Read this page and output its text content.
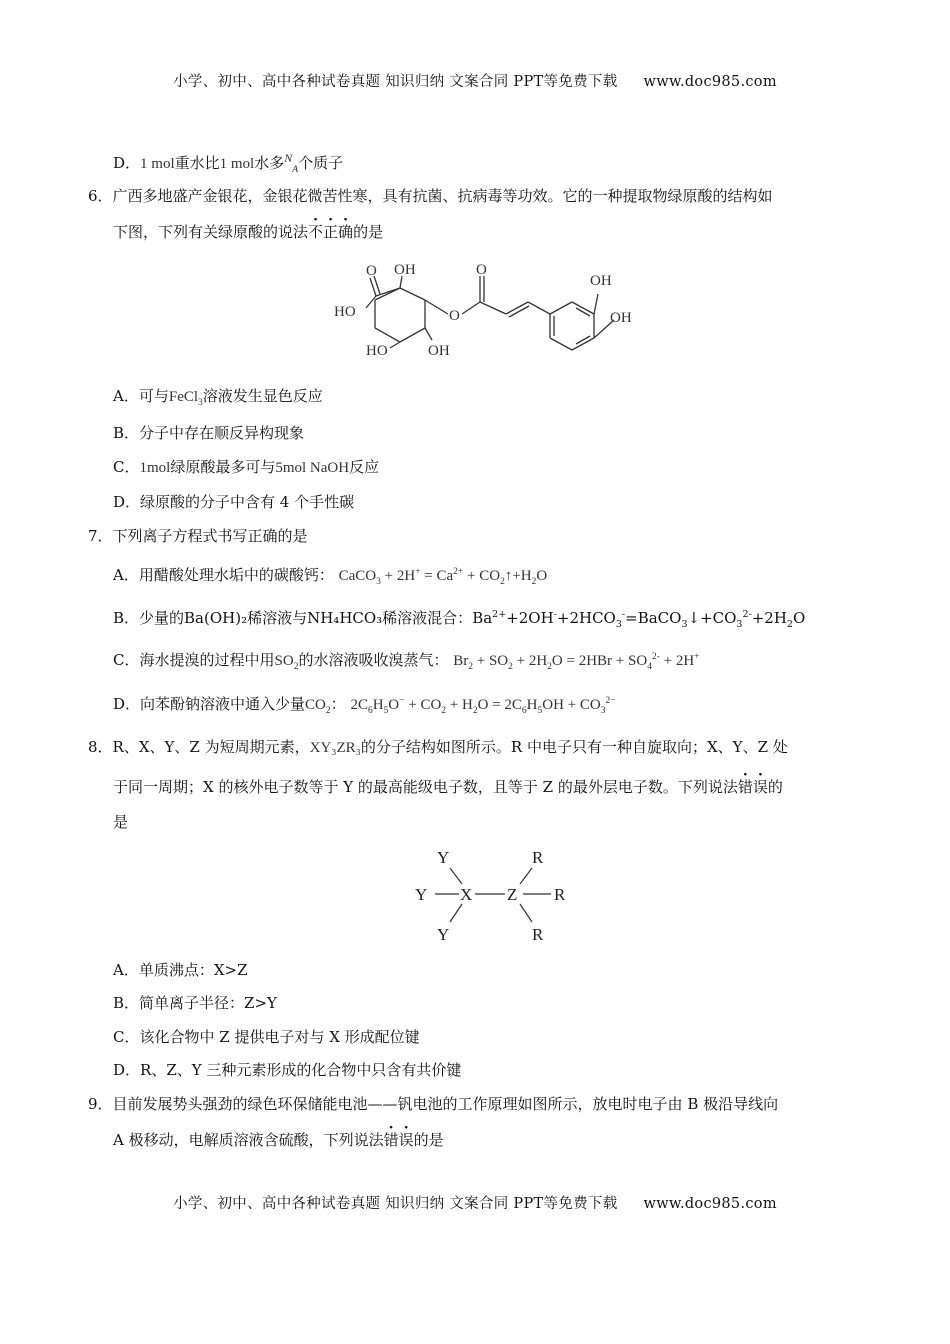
小学、初中、高中各种试卷真题 知识归纳 文案合同 PPT等免费下载 www.doc985.com
D．1 mol重水比1 mol水多$^N_A$个质子
6．广西多地盛产金银花，金银花微苦性寒，具有抗菌、抗病毒等功效。它的一种提取物绿原酸的结构如
下图，下列有关绿原酸的说法不正确的是
O OH
HO	O
O
OH
OH
HO	OH
A．可与FeCl$_3$溶液发生显色反应
B．分子中存在顺反异构现象
C．1mol绿原酸最多可与5mol NaOH反应
D．绿原酸的分子中含有 4 个手性碳
7．下列离子方程式书写正确的是
A．用醋酸处理水垢中的碳酸钙： CaCO$_3$ + $2H^+ = Ca^{2+}$ + $CO_2↑+H_2O$
B．少量的Ba(OH)₂稀溶液与NH₄HCO₃稀溶液混合：$Ba^{2+}+2OH^-+2HCO_3^-=BaCO_3↓+CO_3^{2-}+2H_2O$
C．海水提溴的过程中用$SO_2$的水溶液吸收溴蒸气： $Br_2 + SO_2 + 2H_2O = 2HBr + SO_4^{2-} + 2H^+$
D．向苯酚钠溶液中通入少量$CO_2$： $2C_6H_5O^- + CO_2 + H_2O = 2C_6H_5OH + CO_3^{2-}$
8．R、X、Y、Z 为短周期元素，XY₃ZR₃的分子结构如图所示。R 中电子只有一种自旋取向；X、Y、Z 处
于同一周期；X 的核外电子数等于 Y 的最高能级电子数，且等于 Z 的最外层电子数。下列说法错误的
是
Y
Y
Y
X Z
R
R
R
A．单质沸点：X>Z
B．简单离子半径：Z>Y
C．该化合物中 Z 提供电子对与 X 形成配位键
D．R、Z、Y 三种元素形成的化合物中只含有共价键
9．目前发展势头强劲的绿色环保储能电池——钒电池的工作原理如图所示，放电时电子由 B 极沿导线向
A 极移动，电解质溶液含硫酸，下列说法错误的是
小学、初中、高中各种试卷真题 知识归纳 文案合同 PPT等免费下载 www.doc985.com
